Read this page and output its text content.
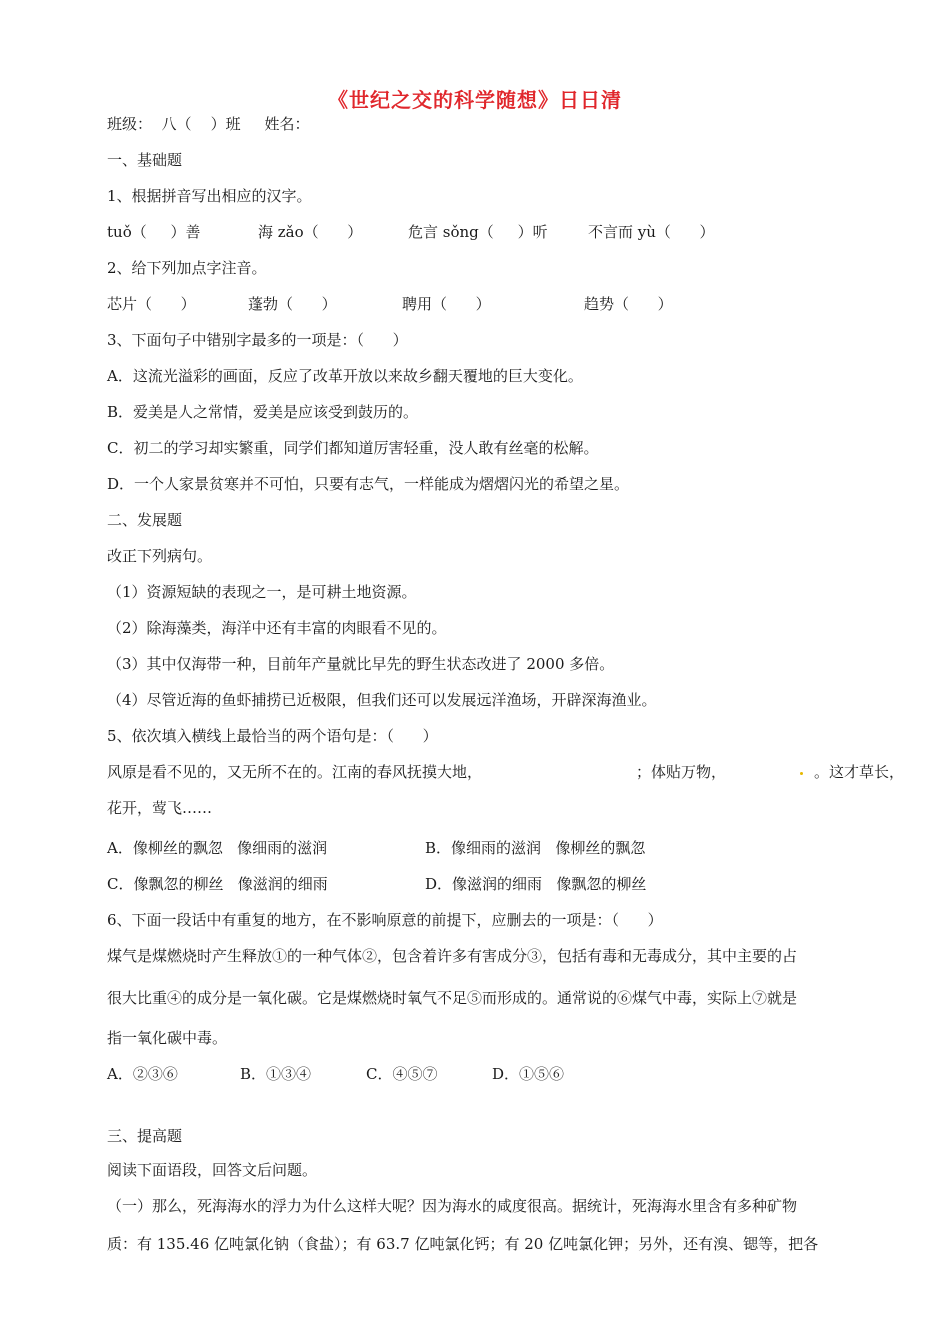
《世纪之交的科学随想》日日清
班级：  八（    ）班     姓名：
一、基础题
1、根据拼音写出相应的汉字。
tuǒ（     ）善	海 zǎo（      ）	危言 sǒng（     ）听	不言而 yù（      ）
2、给下列加点字注音。
芯片（      ）	蓬勃（      ）	聘用（      ）	趋势（      ）
3、下面句子中错别字最多的一项是：（      ）
A．这流光溢彩的画面，反应了改革开放以来故乡翻天覆地的巨大变化。
B．爱美是人之常情，爱美是应该受到鼓历的。
C．初二的学习却实繁重，同学们都知道厉害轻重，没人敢有丝毫的松解。
D．一个人家景贫寒并不可怕，只要有志气，一样能成为熠熠闪光的希望之星。
二、发展题
改正下列病句。
（1）资源短缺的表现之一，是可耕土地资源。
（2）除海藻类，海洋中还有丰富的肉眼看不见的。
（3）其中仅海带一种，目前年产量就比早先的野生状态改进了 2000 多倍。
（4）尽管近海的鱼虾捕捞已近极限，但我们还可以发展远洋渔场，开辟深海渔业。
5、依次填入横线上最恰当的两个语句是：（      ）
风原是看不见的，又无所不在的。江南的春风抚摸大地，	；体贴万物，	。这才草长，
花开，莺飞……
A．像柳丝的飘忽   像细雨的滋润	B．像细雨的滋润   像柳丝的飘忽
C．像飘忽的柳丝   像滋润的细雨	D．像滋润的细雨   像飘忽的柳丝
6、下面一段话中有重复的地方，在不影响原意的前提下，应删去的一项是：（      ）
煤气是煤燃烧时产生释放①的一种气体②，包含着许多有害成分③，包括有毒和无毒成分，其中主要的占
很大比重④的成分是一氧化碳。它是煤燃烧时氧气不足⑤而形成的。通常说的⑥煤气中毒，实际上⑦就是
指一氧化碳中毒。
A．②③⑥	B．①③④	C．④⑤⑦	D．①⑤⑥
三、提高题
阅读下面语段，回答文后问题。
（一）那么，死海海水的浮力为什么这样大呢？因为海水的咸度很高。据统计，死海海水里含有多种矿物
质：有 135.46 亿吨氯化钠（食盐）；有 63.7 亿吨氯化钙；有 20 亿吨氯化钾；另外，还有溴、锶等，把各
